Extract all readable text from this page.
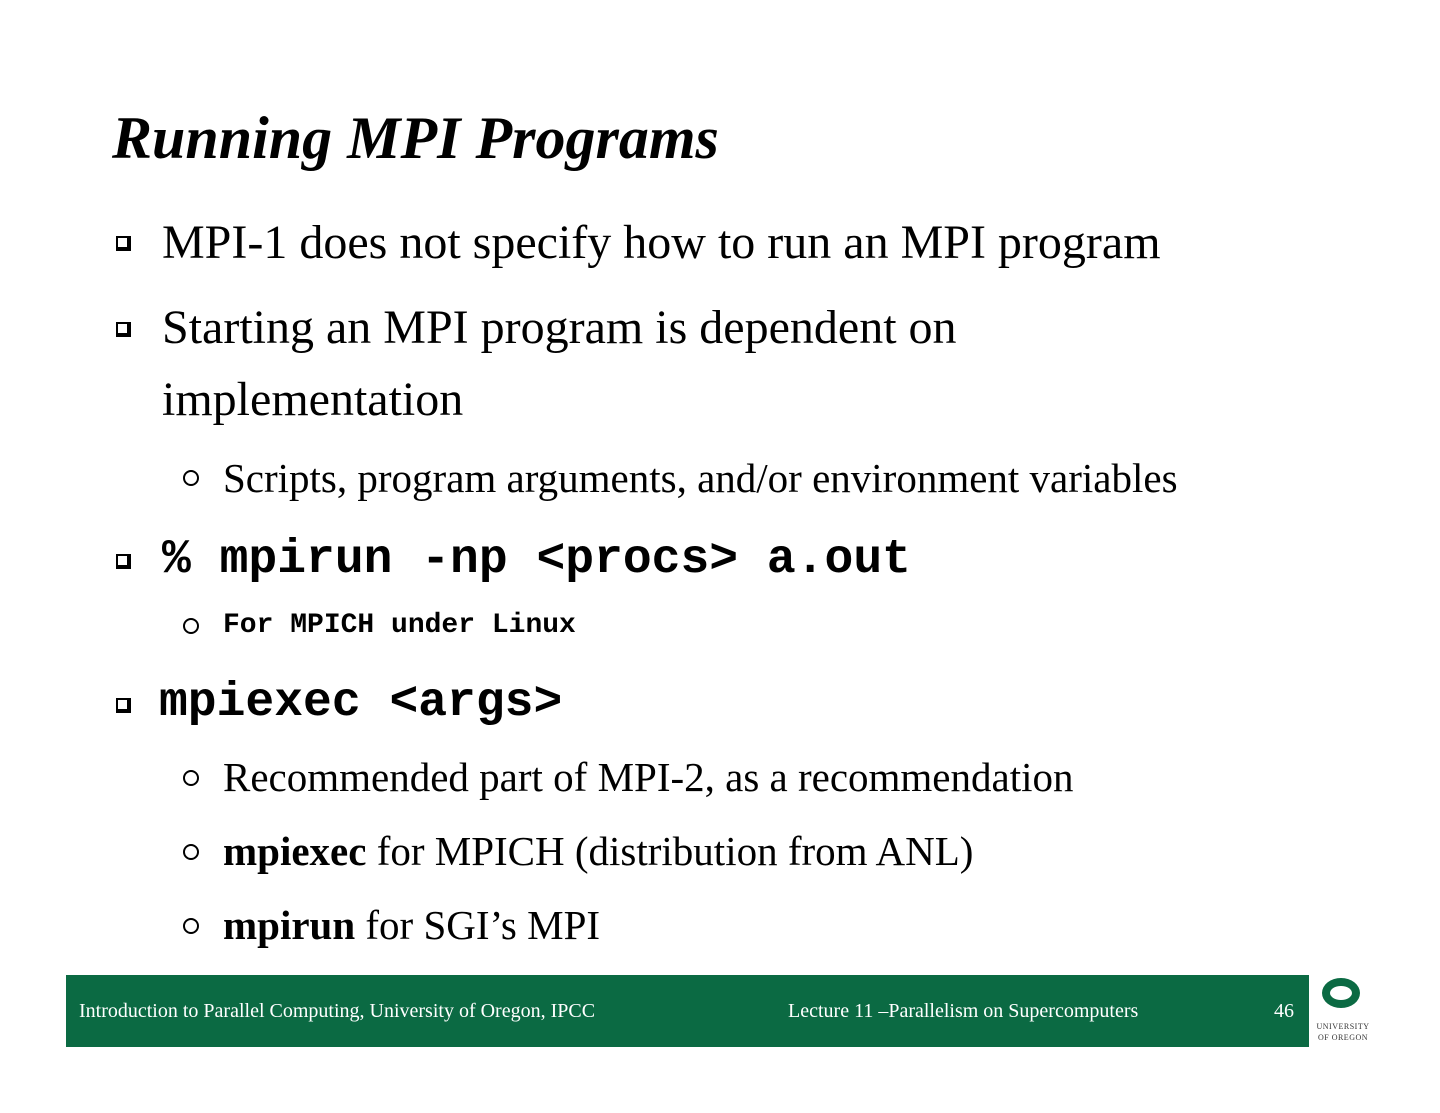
Running MPI Programs
MPI-1 does not specify how to run an MPI program
Starting an MPI program is dependent on
implementation
Scripts, program arguments, and/or environment variables
% mpirun -np <procs> a.out
For MPICH under Linux
mpiexec <args>
Recommended part of MPI-2, as a recommendation
mpiexec for MPICH (distribution from ANL)
mpirun for SGI’s MPI
Introduction to Parallel Computing, University of Oregon, IPCC	Lecture 11 –Parallelism on Supercomputers	46
UNIVERSITY
OF OREGON
